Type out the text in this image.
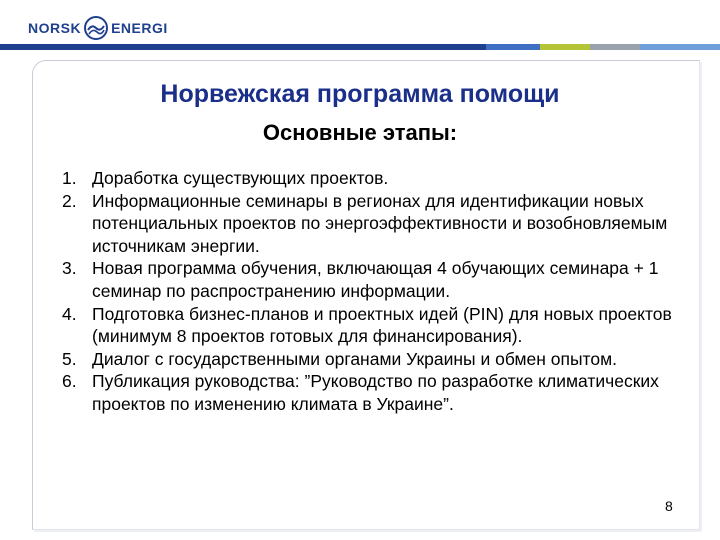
NORSK ENERGI
Норвежская программа помощи
Основные этапы:
1. Доработка существующих проектов.
2. Информационные семинары в регионах для идентификации новых потенциальных проектов по энергоэффективности и возобновляемым источникам энергии.
3. Новая программа обучения, включающая 4 обучающих семинара + 1 семинар по распространению информации.
4. Подготовка бизнес-планов и проектных идей (PIN) для новых проектов (минимум 8 проектов готовых для финансирования).
5. Диалог с государственными органами Украины и обмен опытом.
6. Публикация руководства: ”Руководство по разработке климатических проектов по изменению климата в Украине”.
8
